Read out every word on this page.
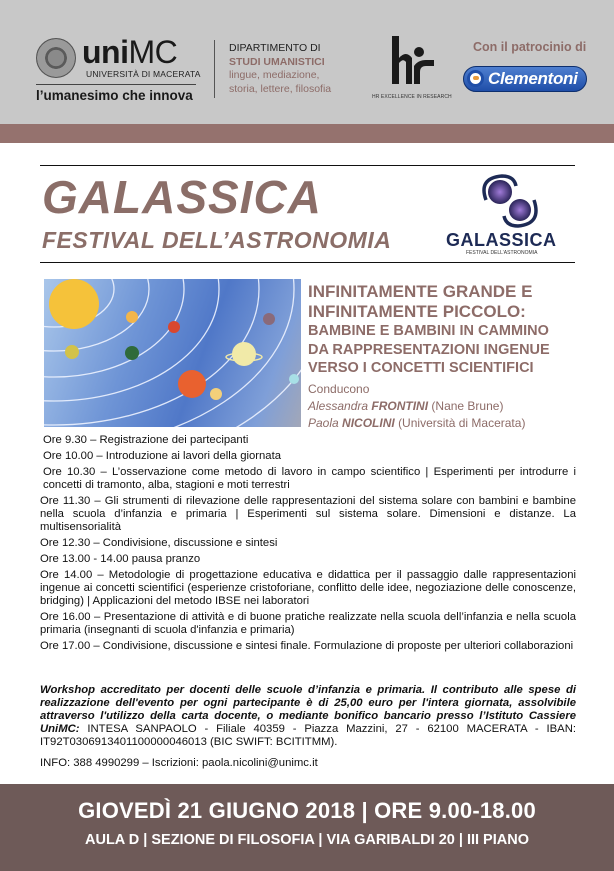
uniMC
UNIVERSITÀ DI MACERATA
l’umanesimo che innova
DIPARTIMENTO DI
STUDI UMANISTICI
lingue, mediazione,
storia, lettere, filosofia
HR EXCELLENCE IN RESEARCH
Con il patrocinio di
Clementoni
GALASSICA
FESTIVAL DELL’ASTRONOMIA	GALASSICA
FESTIVAL DELL’ASTRONOMIA
INFINITAMENTE GRANDE E
INFINITAMENTE PICCOLO:
BAMBINE E BAMBINI IN CAMMINO
DA RAPPRESENTAZIONI INGENUE
VERSO I CONCETTI SCIENTIFICI
Conducono
Alessandra FRONTINI (Nane Brune)
Paola NICOLINI (Università di Macerata)
Ore 9.30 – Registrazione dei partecipanti
Ore 10.00 – Introduzione ai lavori della giornata
Ore 10.30 – L’osservazione come metodo di lavoro in campo scientifico | Esperimenti per introdurre i concetti di tramonto, alba, stagioni e moti terrestri
Ore 11.30 – Gli strumenti di rilevazione delle rappresentazioni del sistema solare con bambini e bambine nella scuola d’infanzia e primaria | Esperimenti sul sistema solare. Dimensioni e distanze. La multisensorialità
Ore 12.30 – Condivisione, discussione e sintesi
Ore 13.00 - 14.00 pausa pranzo
Ore 14.00 – Metodologie di progettazione educativa e didattica per il passaggio dalle rappresentazioni ingenue ai concetti scientifici (esperienze cristoforiane, conflitto delle idee, negoziazione delle conoscenze, bridging) | Applicazioni del metodo IBSE nei laboratori
Ore 16.00 – Presentazione di attività e di buone pratiche realizzate nella scuola dell’infanzia e nella scuola primaria (insegnanti di scuola d'infanzia e primaria)
Ore 17.00 – Condivisione, discussione e sintesi finale. Formulazione di proposte per ulteriori collaborazioni
Workshop accreditato per docenti delle scuole d’infanzia e primaria. Il contributo alle spese di realizzazione dell'evento per ogni partecipante è di 25,00 euro per l'intera giornata, assolvibile attraverso l'utilizzo della carta docente, o mediante bonifico bancario presso l’Istituto Cassiere UniMC: INTESA SANPAOLO - Filiale 40359 - Piazza Mazzini, 27 - 62100 MACERATA - IBAN: IT92T0306913401100000046013 (BIC SWIFT: BCITITMM).
INFO: 388 4990299 – Iscrizioni: paola.nicolini@unimc.it
GIOVEDÌ 21 GIUGNO 2018 | ORE 9.00-18.00
AULA D | SEZIONE DI FILOSOFIA | VIA GARIBALDI 20 | III PIANO
